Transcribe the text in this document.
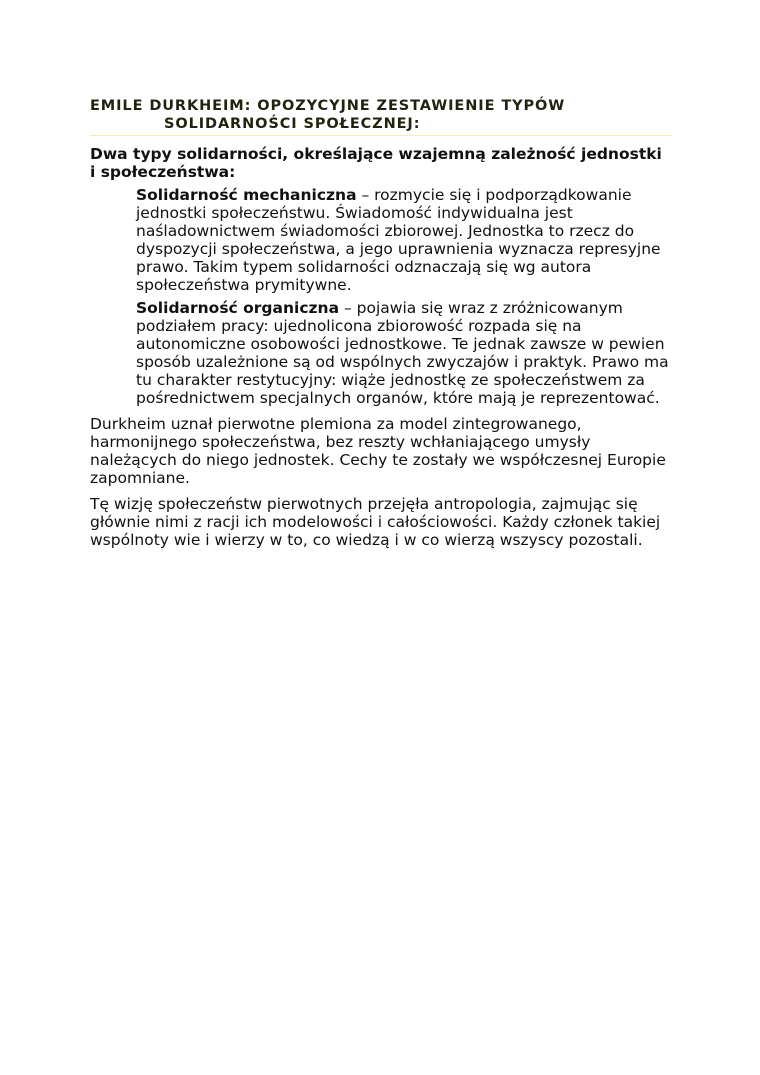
EMILE DURKHEIM: OPOZYCYJNE ZESTAWIENIE TYPÓW
SOLIDARNOŚCI SPOŁECZNEJ:
Dwa typy solidarności, określające wzajemną zależność jednostki i społeczeństwa:
Solidarność mechaniczna – rozmycie się i podporządkowanie jednostki społeczeństwu. Świadomość indywidualna jest naśladownictwem świadomości zbiorowej. Jednostka to rzecz do dyspozycji społeczeństwa, a jego uprawnienia wyznacza represyjne prawo. Takim typem solidarności odznaczają się wg autora społeczeństwa prymitywne.
Solidarność organiczna – pojawia się wraz z zróżnicowanym podziałem pracy: ujednolicona zbiorowość rozpada się na autonomiczne osobowości jednostkowe. Te jednak zawsze w pewien sposób uzależnione są od wspólnych zwyczajów i praktyk. Prawo ma tu charakter restytucyjny: wiąże jednostkę ze społeczeństwem za pośrednictwem specjalnych organów, które mają je reprezentować.

Durkheim uznał pierwotne plemiona za model zintegrowanego, harmonijnego społeczeństwa, bez reszty wchłaniającego umysły należących do niego jednostek. Cechy te zostały we współczesnej Europie zapomniane.

Tę wizję społeczeństw pierwotnych przejęła antropologia, zajmując się głównie nimi z racji ich modelowości i całościowości. Każdy członek takiej wspólnoty wie i wierzy w to, co wiedzą i w co wierzą wszyscy pozostali.
